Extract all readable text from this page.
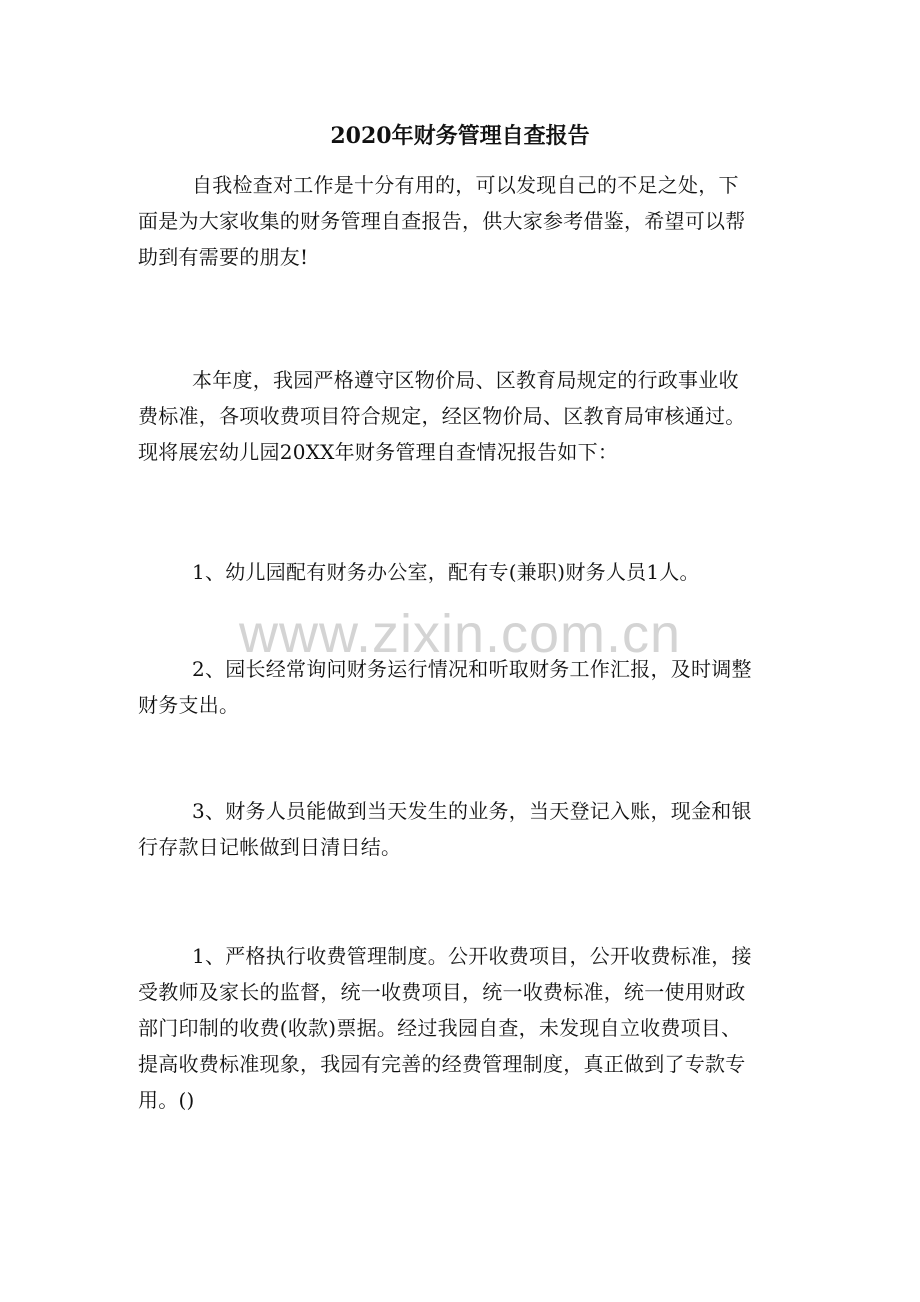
2020年财务管理自查报告

自我检查对工作是十分有用的，可以发现自己的不足之处，下

面是为大家收集的财务管理自查报告，供大家参考借鉴，希望可以帮

助到有需要的朋友!

本年度，我园严格遵守区物价局、区教育局规定的行政事业收

费标准，各项收费项目符合规定，经区物价局、区教育局审核通过。

现将展宏幼儿园20XX年财务管理自查情况报告如下：

1、幼儿园配有财务办公室，配有专(兼职)财务人员1人。

2、园长经常询问财务运行情况和听取财务工作汇报，及时调整

财务支出。

3、财务人员能做到当天发生的业务，当天登记入账，现金和银

行存款日记帐做到日清日结。

1、严格执行收费管理制度。公开收费项目，公开收费标准，接

受教师及家长的监督，统一收费项目，统一收费标准，统一使用财政

部门印制的收费(收款)票据。经过我园自查，未发现自立收费项目、

提高收费标准现象，我园有完善的经费管理制度，真正做到了专款专

用。()

www.zixin.com.cn
